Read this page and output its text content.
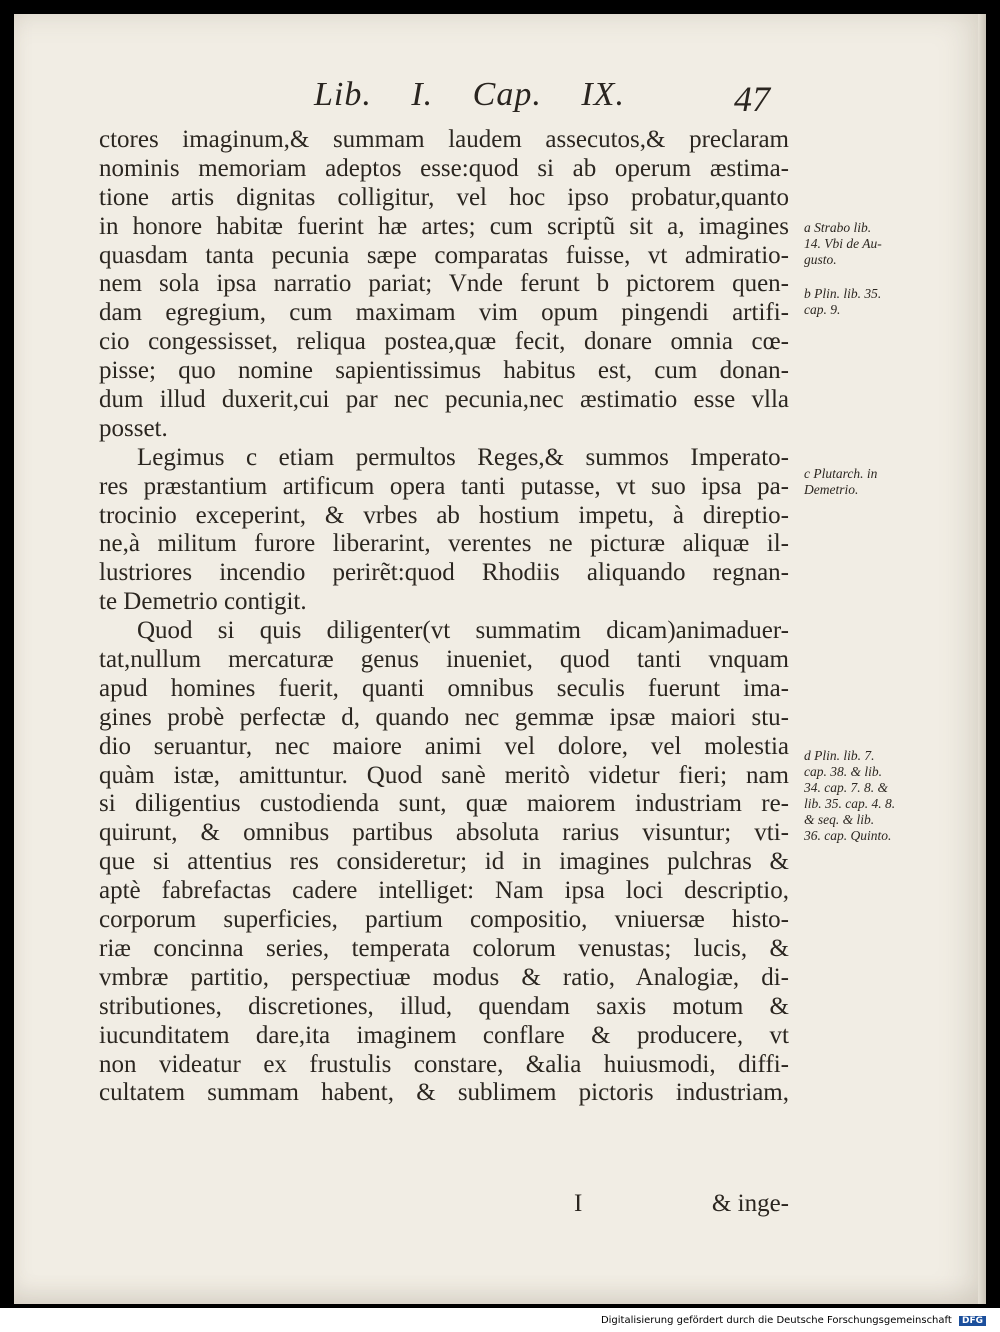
Lib. I. Cap. IX.	47
ctores imaginum,& summam laudem assecutos,& preclaram
nominis memoriam adeptos esse:quod si ab operum æstima-
tione artis dignitas colligitur, vel hoc ipso probatur,quanto
in honore habitæ fuerint hæ artes; cum scriptũ sit a, imagines
quasdam tanta pecunia sæpe comparatas fuisse, vt admiratio-
nem sola ipsa narratio pariat; Vnde ferunt b pictorem quen-
dam egregium, cum maximam vim opum pingendi artifi-
cio congessisset, reliqua postea,quæ fecit, donare omnia cœ-
pisse; quo nomine sapientissimus habitus est, cum donan-
dum illud duxerit,cui par nec pecunia,nec æstimatio esse vlla
posset.
Legimus c etiam permultos Reges,& summos Imperato-
res præstantium artificum opera tanti putasse, vt suo ipsa pa-
trocinio exceperint, & vrbes ab hostium impetu, à direptio-
ne,à militum furore liberarint, verentes ne picturæ aliquæ il-
lustriores incendio perirẽt:quod Rhodiis aliquando regnan-
te Demetrio contigit.
Quod si quis diligenter(vt summatim dicam)animaduer-
tat,nullum mercaturæ genus inueniet, quod tanti vnquam
apud homines fuerit, quanti omnibus seculis fuerunt ima-
gines probè perfectæ d, quando nec gemmæ ipsæ maiori stu-
dio seruantur, nec maiore animi vel dolore, vel molestia
quàm istæ, amittuntur. Quod sanè meritò videtur fieri; nam
si diligentius custodienda sunt, quæ maiorem industriam re-
quirunt, & omnibus partibus absoluta rarius visuntur; vti-
que si attentius res consideretur; id in imagines pulchras &
aptè fabrefactas cadere intelliget: Nam ipsa loci descriptio,
corporum superficies, partium compositio, vniuersæ histo-
riæ concinna series, temperata colorum venustas; lucis, &
vmbræ partitio, perspectiuæ modus & ratio, Analogiæ, di-
stributiones, discretiones, illud, quendam saxis motum &
iucunditatem dare,ita imaginem conflare & producere, vt
non videatur ex frustulis constare, &alia huiusmodi, diffi-
cultatem summam habent, & sublimem pictoris industriam,
a Strabo lib.
14. Vbi de Au-
gusto.
b Plin. lib. 35.
cap. 9.
c Plutarch. in
Demetrio.
d Plin. lib. 7.
cap. 38. & lib.
34. cap. 7. 8. &
lib. 35. cap. 4. 8.
& seq. & lib.
36. cap. Quinto.
I	& inge-
Digitalisierung gefördert durch die Deutsche Forschungsgemeinschaft DFG
